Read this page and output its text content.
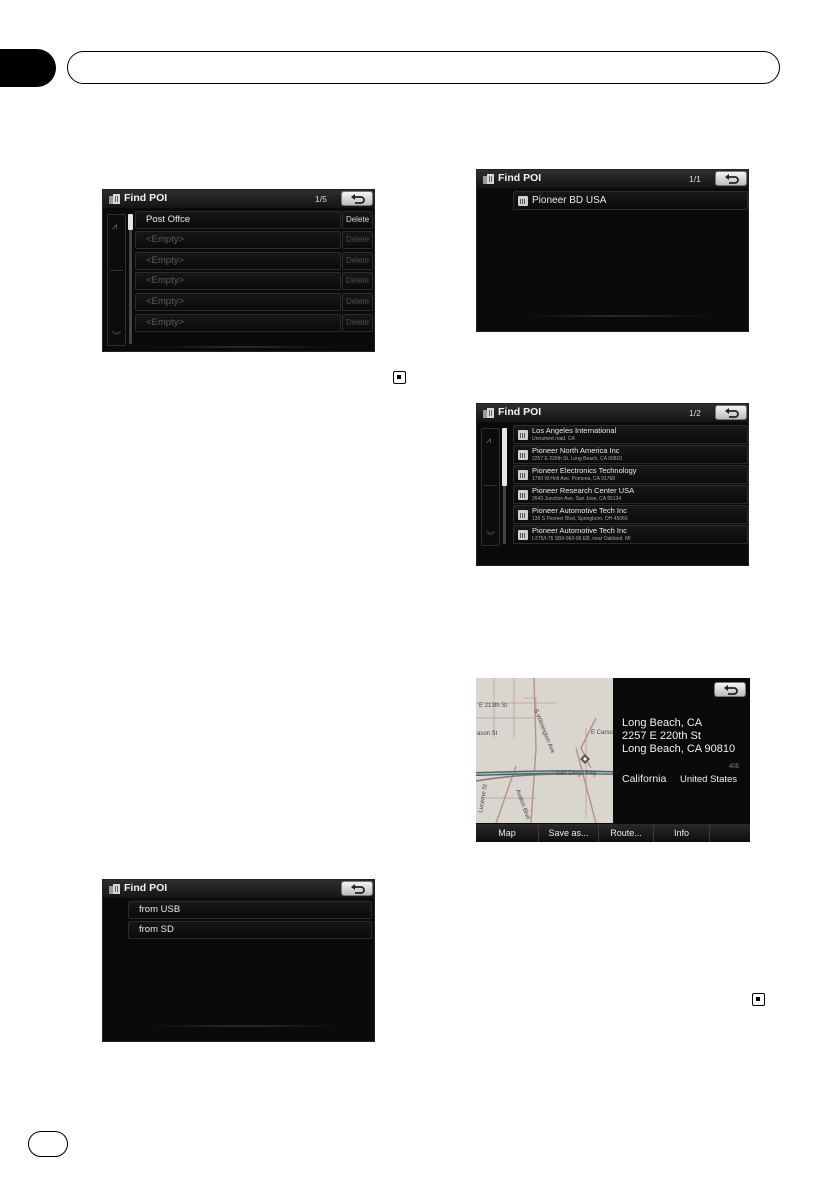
Find POI	1/5
⩘
︾
Post Offce	Delete
<Empty>	Delete
<Empty>	Delete
<Empty>	Delete
<Empty>	Delete
<Empty>	Delete
Find POI	1/1
Pioneer BD USA
Find POI	1/2
⩘
︾
Los Angeles International
Unnamed road, CA
Pioneer North America Inc
2257 E 220th St, Long Beach, CA 90810
Pioneer Electronics Technology
1790 W.Holt Ave, Pomona, CA 91768
Pioneer Research Center USA
2643 Junction Ave, San Jose, CA 95134
Pioneer Automotive Tech Inc
130 S Pioneer Blvd, Springboro, OH 45066
Pioneer Automotive Tech Inc
I-275/I-75 SB/I-96/I-96 EB, near Oakland, MI
E 213th St
S Wilmington Ave
ason St	E Carso
San Diego Fwy
Lucerne St	Avalon Blvd
Long Beach, CA
2257 E 220th St
Long Beach, CA 90810
405
California United States
Map	Save as...	Route...	Info
Find POI
from USB
from SD
